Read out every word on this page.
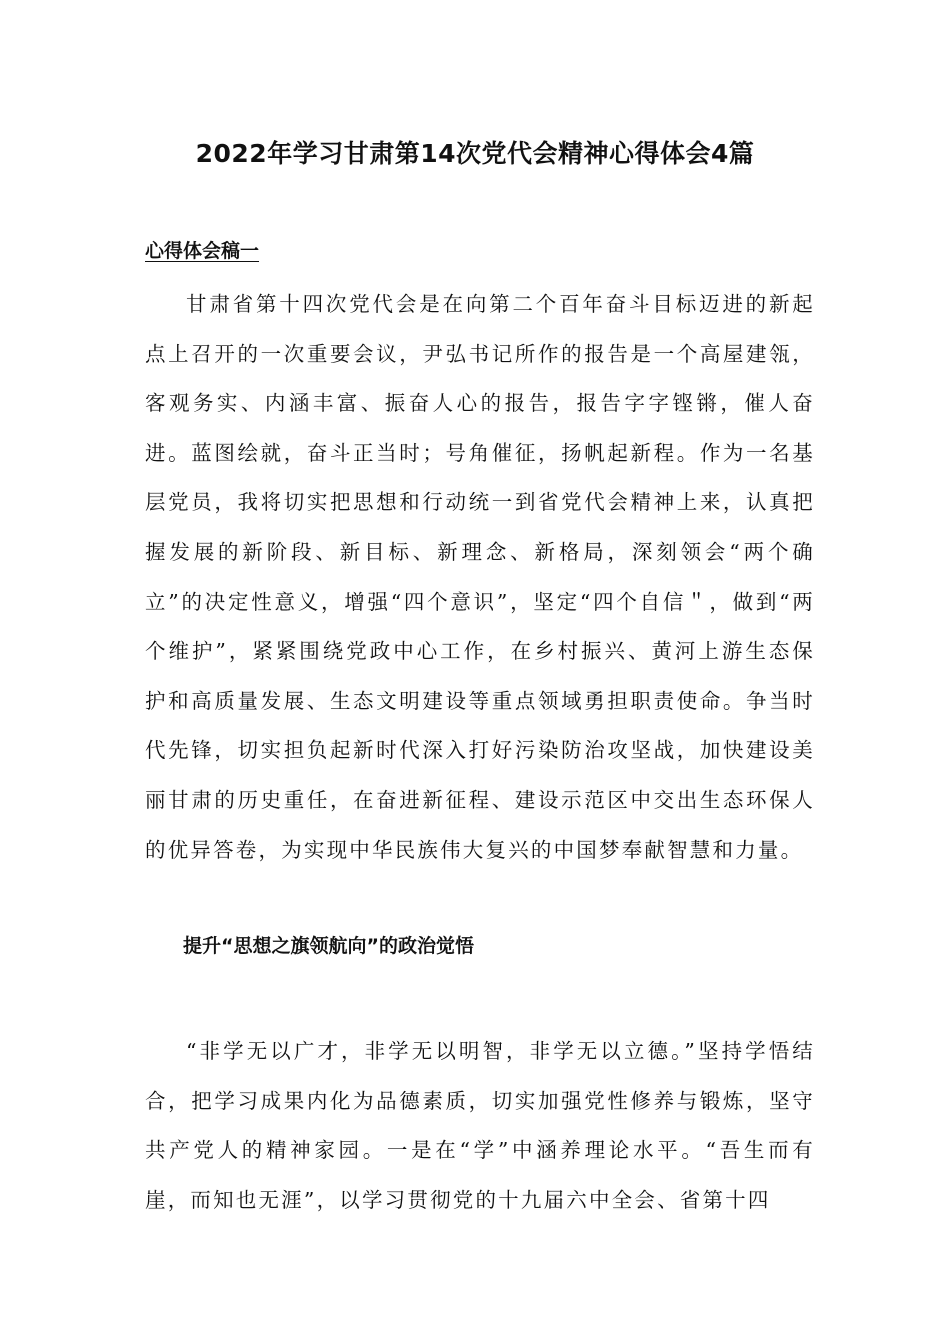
2022年学习甘肃第14次党代会精神心得体会4篇
心得体会稿一
甘肃省第十四次党代会是在向第二个百年奋斗目标迈进的新起点上召开的一次重要会议，尹弘书记所作的报告是一个高屋建瓴，客观务实、内涵丰富、振奋人心的报告，报告字字铿锵，催人奋进。蓝图绘就，奋斗正当时；号角催征，扬帆起新程。作为一名基层党员，我将切实把思想和行动统一到省党代会精神上来，认真把握发展的新阶段、新目标、新理念、新格局，深刻领会“两个确立”的决定性意义，增强“四个意识”，坚定“四个自信＂，做到“两个维护”，紧紧围绕党政中心工作，在乡村振兴、黄河上游生态保护和高质量发展、生态文明建设等重点领域勇担职责使命。争当时代先锋，切实担负起新时代深入打好污染防治攻坚战，加快建设美丽甘肃的历史重任，在奋进新征程、建设示范区中交出生态环保人的优异答卷，为实现中华民族伟大复兴的中国梦奉献智慧和力量。
提升“思想之旗领航向”的政治觉悟
“非学无以广才，非学无以明智，非学无以立德。”坚持学悟结合，把学习成果内化为品德素质，切实加强党性修养与锻炼，坚守共产党人的精神家园。一是在“学”中涵养理论水平。“吾生而有崖，而知也无涯”，以学习贯彻党的十九届六中全会、省第十四
